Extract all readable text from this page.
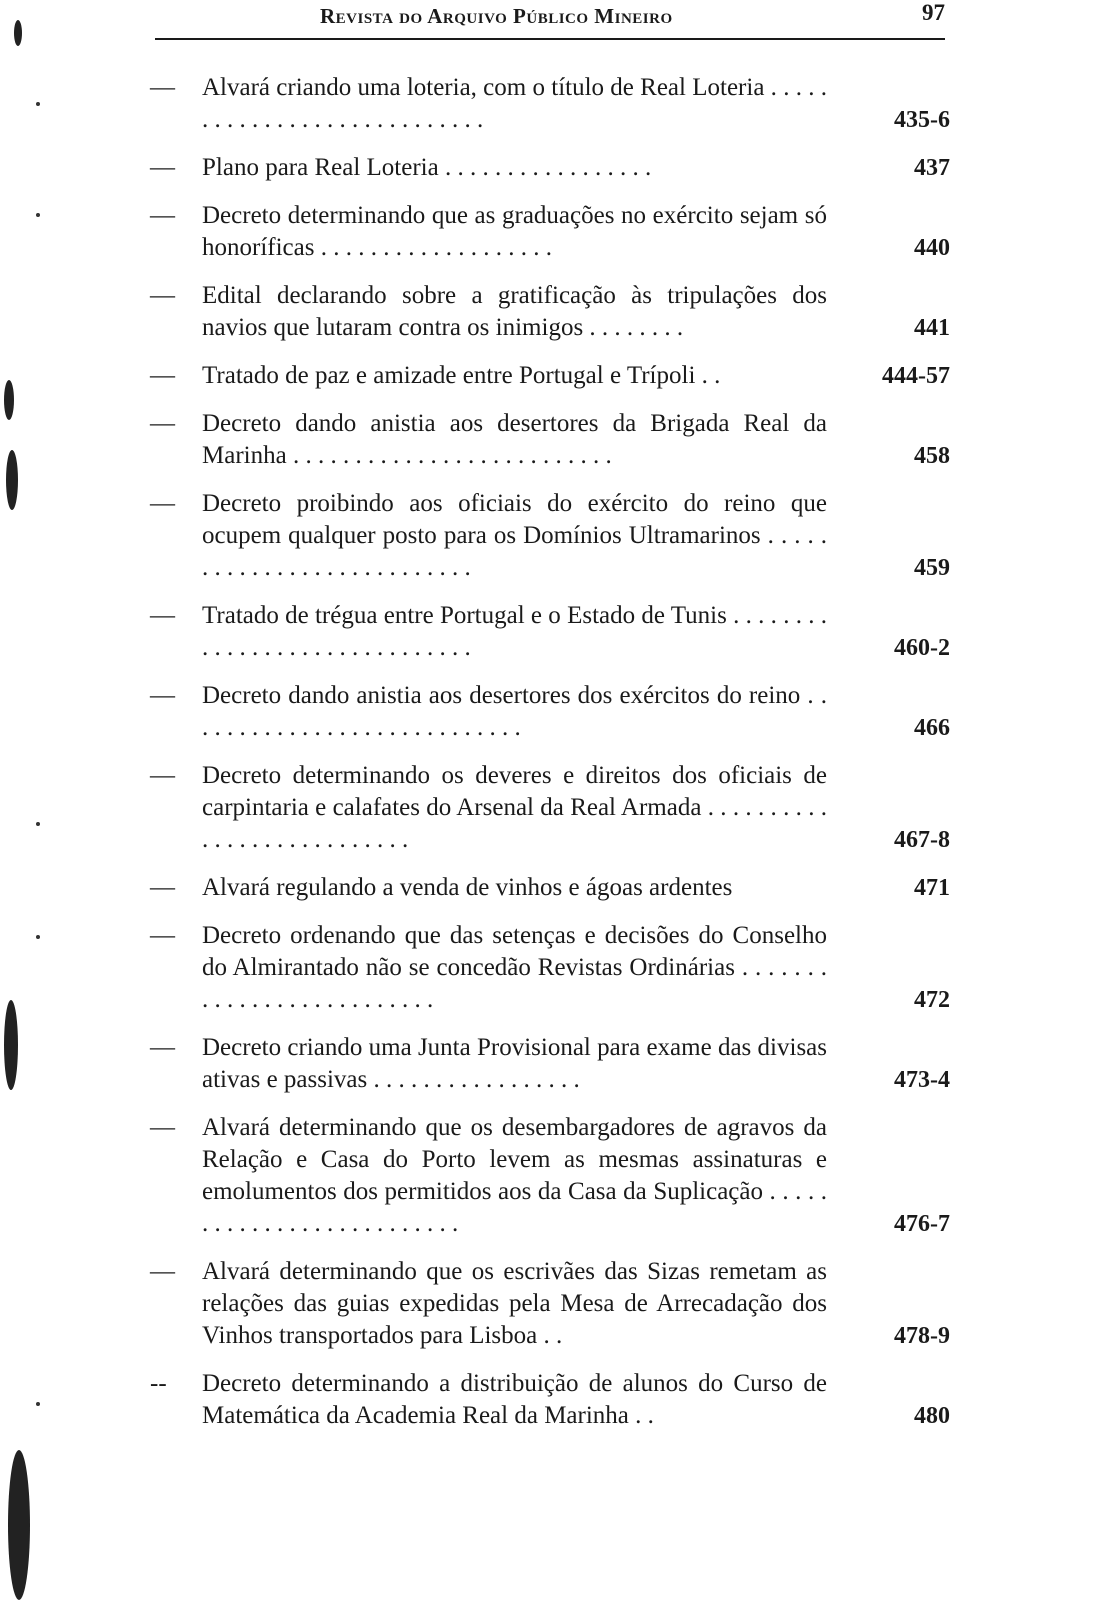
Revista do Arquivo Público Mineiro	97
—	Alvará criando uma loteria, com o título de Real Loteria . . . . . . . . . . . . . . . . . . . . . . . . . . . .	435-6
—	Plano para Real Loteria . . . . . . . . . . . . . . . . .	437
—	Decreto determinando que as graduações no exército sejam só honoríficas . . . . . . . . . . . . . . . . . . .	440
—	Edital declarando sobre a gratificação às tripulações dos navios que lutaram contra os inimigos . . . . . . . .	441
—	Tratado de paz e amizade entre Portugal e Trípoli . .	444-57
—	Decreto dando anistia aos desertores da Brigada Real da Marinha . . . . . . . . . . . . . . . . . . . . . . . . . .	458
—	Decreto proibindo aos oficiais do exército do reino que ocupem qualquer posto para os Domínios Ultramarinos . . . . . . . . . . . . . . . . . . . . . . . . . . .	459
—	Tratado de trégua entre Portugal e o Estado de Tunis . . . . . . . . . . . . . . . . . . . . . . . . . . . . . .	460-2
—	Decreto dando anistia aos desertores dos exércitos do reino . . . . . . . . . . . . . . . . . . . . . . . . . . . .	466
—	Decreto determinando os deveres e direitos dos oficiais de carpintaria e calafates do Arsenal da Real Armada . . . . . . . . . . . . . . . . . . . . . . . . . . .	467-8
—	Alvará regulando a venda de vinhos e ágoas ardentes	471
—	Decreto ordenando que das setenças e decisões do Conselho do Almirantado não se concedão Revistas Ordinárias . . . . . . . . . . . . . . . . . . . . . . . . . .	472
—	Decreto criando uma Junta Provisional para exame das divisas ativas e passivas . . . . . . . . . . . . . . . . .	473-4
—	Alvará determinando que os desembargadores de agravos da Relação e Casa do Porto levem as mesmas assinaturas e emolumentos dos permitidos aos da Casa da Suplicação . . . . . . . . . . . . . . . . . . . . . . . . . .	476-7
—	Alvará determinando que os escrivães das Sizas remetam as relações das guias expedidas pela Mesa de Arrecadação dos Vinhos transportados para Lisboa . .	478-9
--	Decreto determinando a distribuição de alunos do Curso de Matemática da Academia Real da Marinha . .	480
